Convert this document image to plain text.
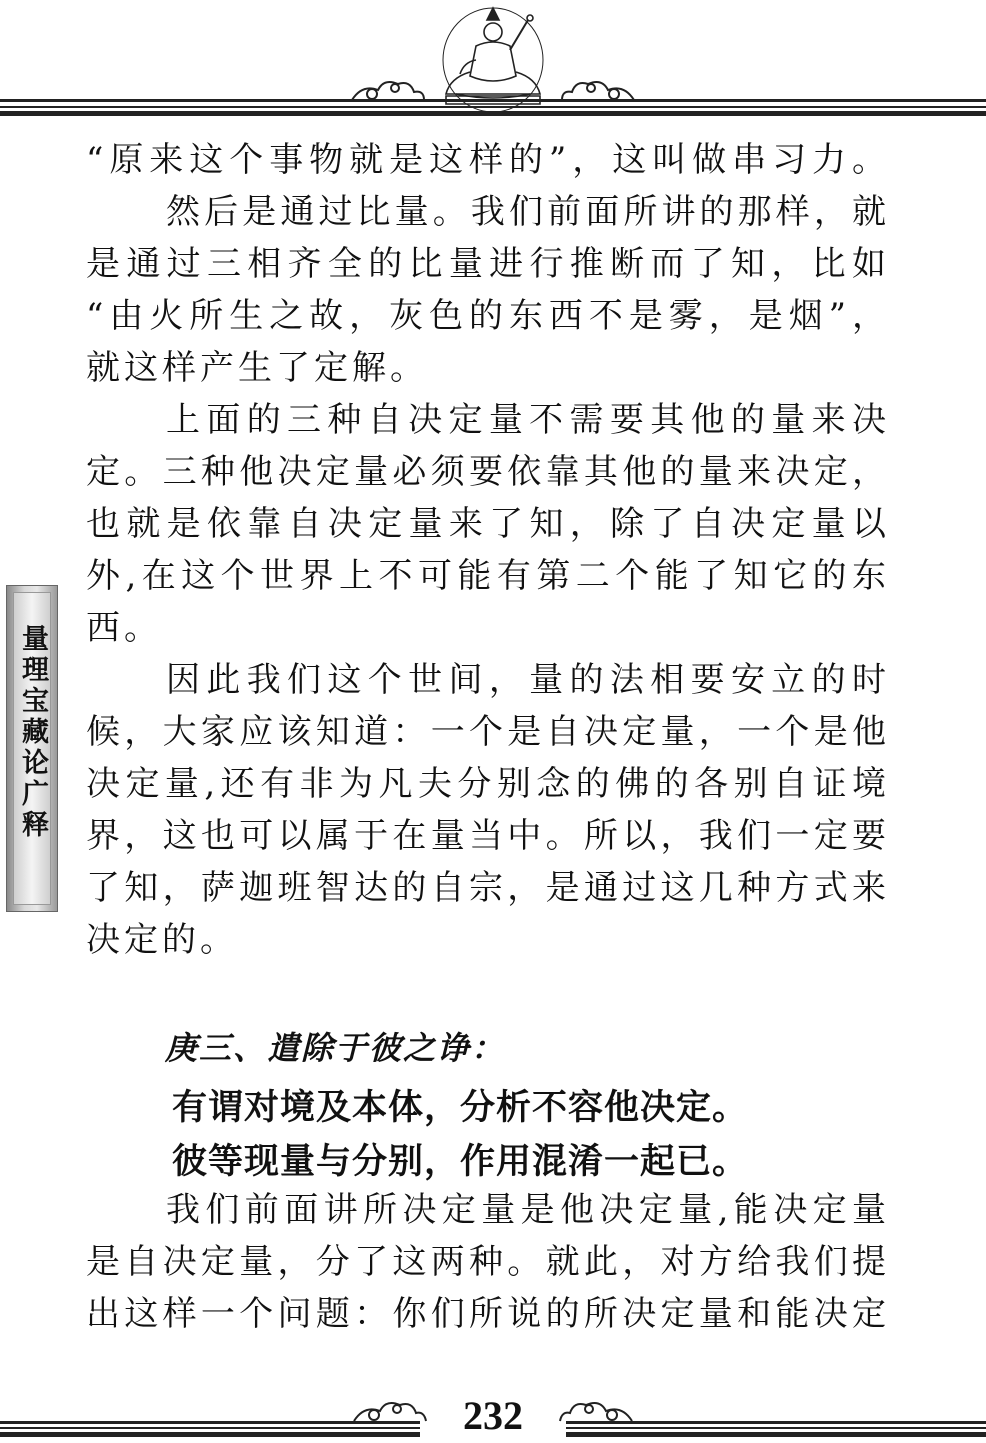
量理宝藏论广释
“原来这个事物就是这样的”，这叫做串习力。
然后是通过比量。我们前面所讲的那样，就
是通过三相齐全的比量进行推断而了知，比如
“由火所生之故，灰色的东西不是雾，是烟”，
就这样产生了定解。
上面的三种自决定量不需要其他的量来决
定。三种他决定量必须要依靠其他的量来决定，
也就是依靠自决定量来了知，除了自决定量以
外,在这个世界上不可能有第二个能了知它的东
西。
因此我们这个世间，量的法相要安立的时
候，大家应该知道：一个是自决定量，一个是他
决定量,还有非为凡夫分别念的佛的各别自证境
界，这也可以属于在量当中。所以，我们一定要
了知，萨迦班智达的自宗，是通过这几种方式来
决定的。
庚三、遣除于彼之诤：
有谓对境及本体，分析不容他决定。
彼等现量与分别，作用混淆一起已。
我们前面讲所决定量是他决定量,能决定量
是自决定量，分了这两种。就此，对方给我们提
出这样一个问题：你们所说的所决定量和能决定
232
